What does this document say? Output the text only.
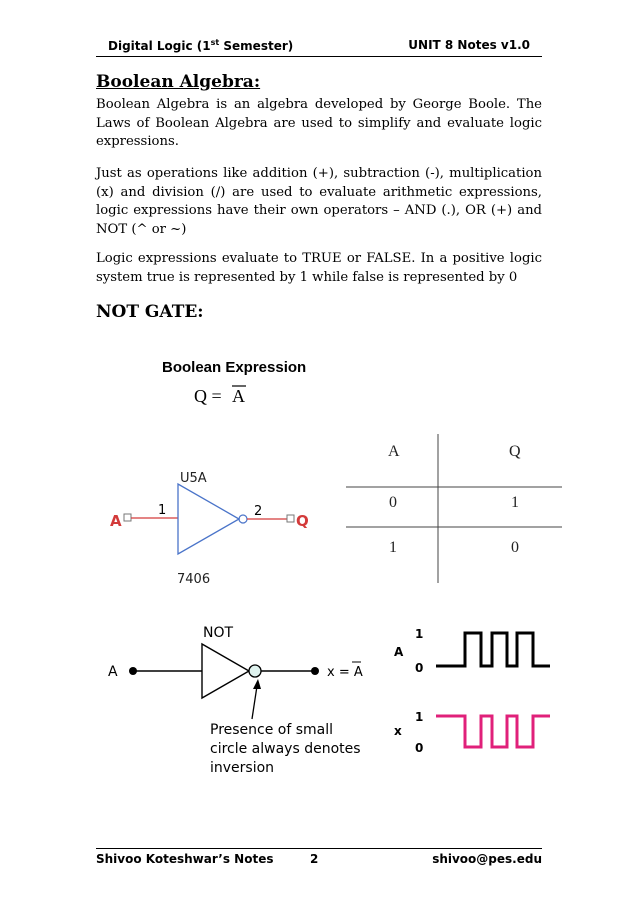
Digital Logic (1st Semester)	UNIT 8 Notes v1.0
Boolean Algebra:

Boolean Algebra is an algebra developed by George Boole. The Laws of Boolean Algebra are used to simplify and evaluate logic expressions.

Just as operations like addition (+), subtraction (-), multiplication (x) and division (/) are used to evaluate arithmetic expressions, logic expressions have their own operators – AND (.), OR (+) and NOT (^ or ~)

Logic expressions evaluate to TRUE or FALSE. In a positive logic system true is represented by 1 while false is represented by 0

NOT GATE:
Boolean Expression
Q = A
U5A
7406
A
1	2
Q
A	Q
0	1
1	0
NOT
A	x = A
Presence of small
circle always denotes
inversion
A
1
0
x
1
0
Shivoo Koteshwar’s Notes	2	shivoo@pes.edu
